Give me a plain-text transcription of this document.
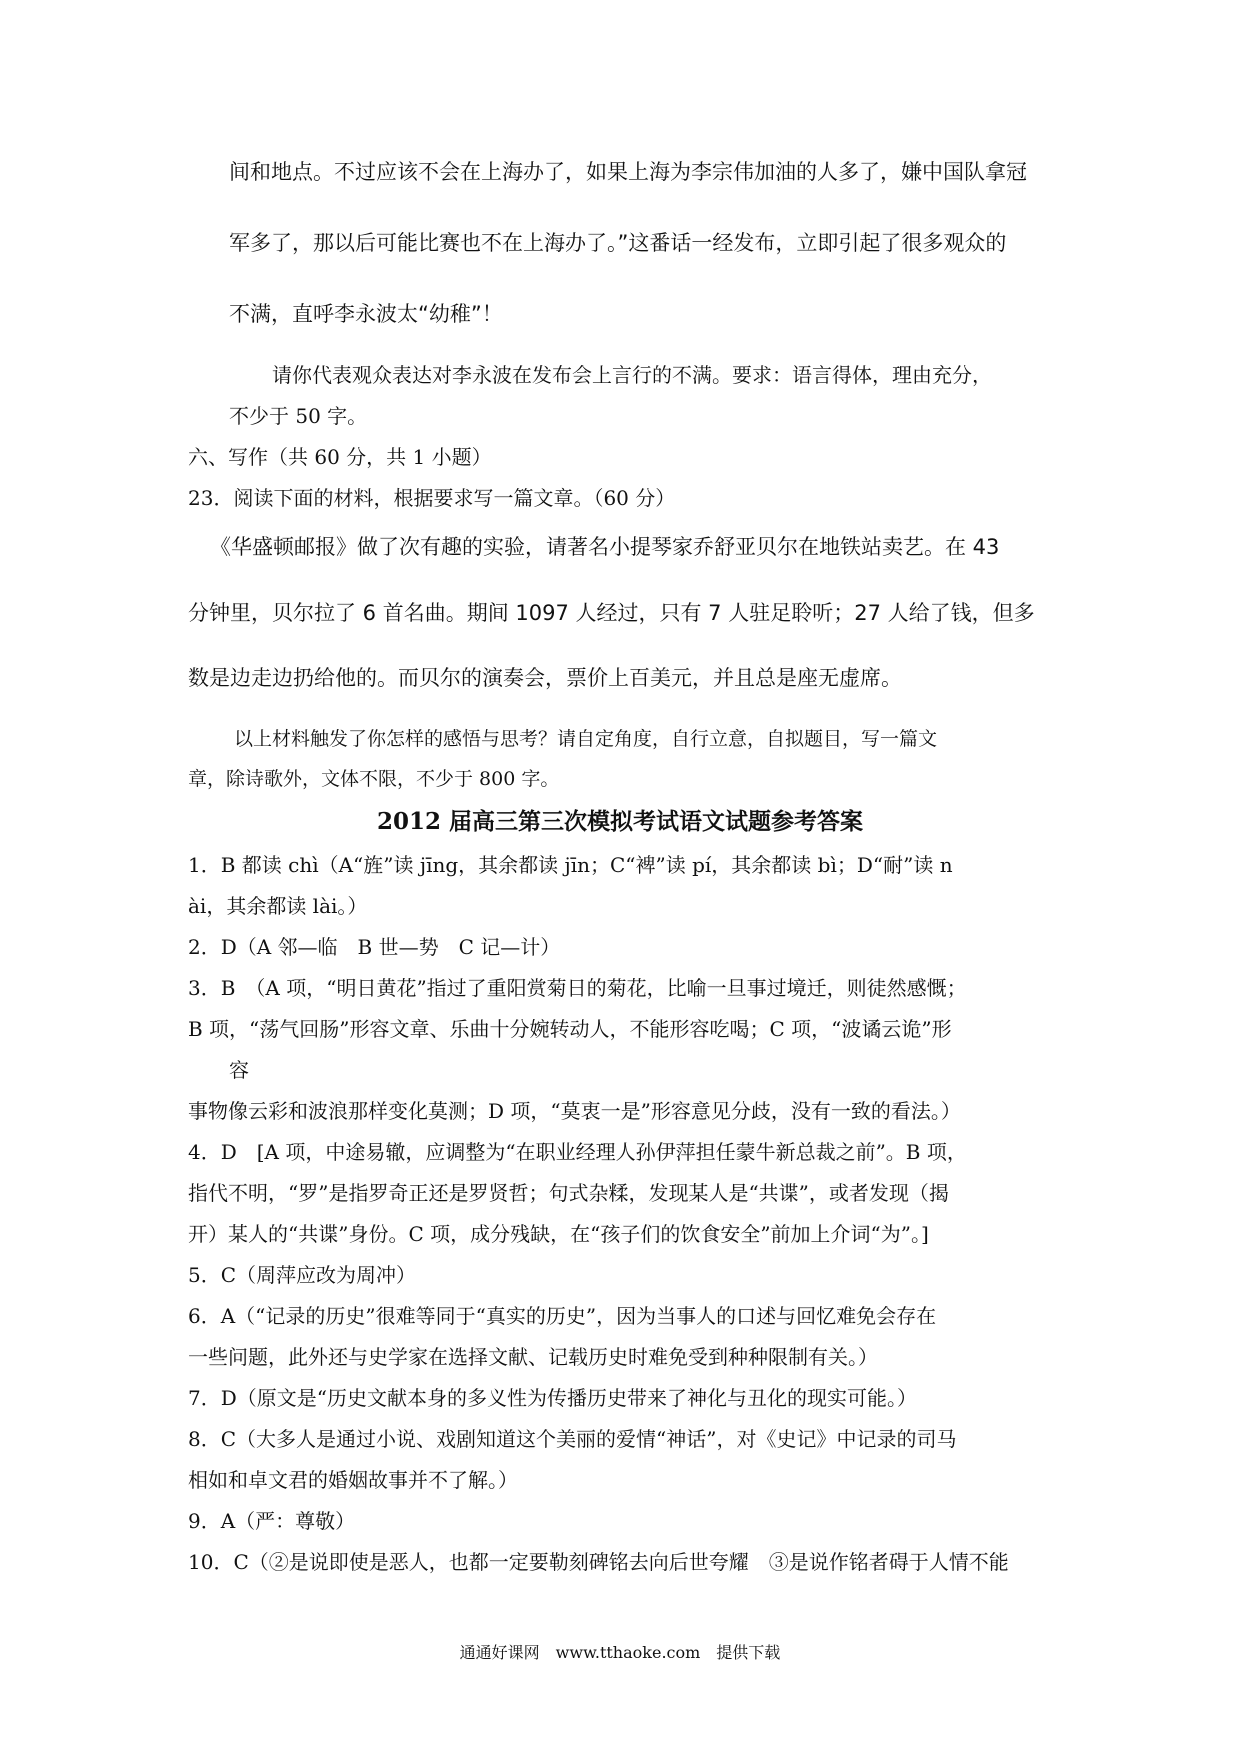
间和地点。不过应该不会在上海办了，如果上海为李宗伟加油的人多了，嫌中国队拿冠

军多了，那以后可能比赛也不在上海办了。”这番话一经发布，立即引起了很多观众的

不满，直呼李永波太“幼稚”！

请你代表观众表达对李永波在发布会上言行的不满。要求：语言得体，理由充分，

不少于 50 字。

六、写作（共 60 分，共 1 小题）

23．阅读下面的材料，根据要求写一篇文章。（60 分）

《华盛顿邮报》做了次有趣的实验，请著名小提琴家乔舒亚贝尔在地铁站卖艺。在 43

分钟里，贝尔拉了 6 首名曲。期间 1097 人经过，只有 7 人驻足聆听；27 人给了钱，但多

数是边走边扔给他的。而贝尔的演奏会，票价上百美元，并且总是座无虚席。

以上材料触发了你怎样的感悟与思考？请自定角度，自行立意，自拟题目，写一篇文

章，除诗歌外，文体不限，不少于 800 字。

2012 届高三第三次模拟考试语文试题参考答案

1．B 都读 chì（A“旌”读 jīng，其余都读 jīn；C“裨”读 pí，其余都读 bì；D“耐”读 n

ài，其余都读 lài。）

2．D（A 邻—临　B 世—势　C 记—计）

3．B　（A 项，“明日黄花”指过了重阳赏菊日的菊花，比喻一旦事过境迁，则徒然感慨；

B 项，“荡气回肠”形容文章、乐曲十分婉转动人，不能形容吃喝；C 项，“波谲云诡”形

容

事物像云彩和波浪那样变化莫测；D 项，“莫衷一是”形容意见分歧，没有一致的看法。）

4．D　[A 项，中途易辙，应调整为“在职业经理人孙伊萍担任蒙牛新总裁之前”。B 项，

指代不明，“罗”是指罗奇正还是罗贤哲；句式杂糅，发现某人是“共谍”，或者发现（揭

开）某人的“共谍”身份。C 项，成分残缺，在“孩子们的饮食安全”前加上介词“为”。]

5．C（周萍应改为周冲）

6．A（“记录的历史”很难等同于“真实的历史”，因为当事人的口述与回忆难免会存在

一些问题，此外还与史学家在选择文献、记载历史时难免受到种种限制有关。）

7．D（原文是“历史文献本身的多义性为传播历史带来了神化与丑化的现实可能。）

8．C（大多人是通过小说、戏剧知道这个美丽的爱情“神话”，对《史记》中记录的司马

相如和卓文君的婚姻故事并不了解。）

9．A（严：尊敬）

10．C（②是说即使是恶人，也都一定要勒刻碑铭去向后世夸耀　③是说作铭者碍于人情不能

通通好课网　www.tthaoke.com　提供下载
